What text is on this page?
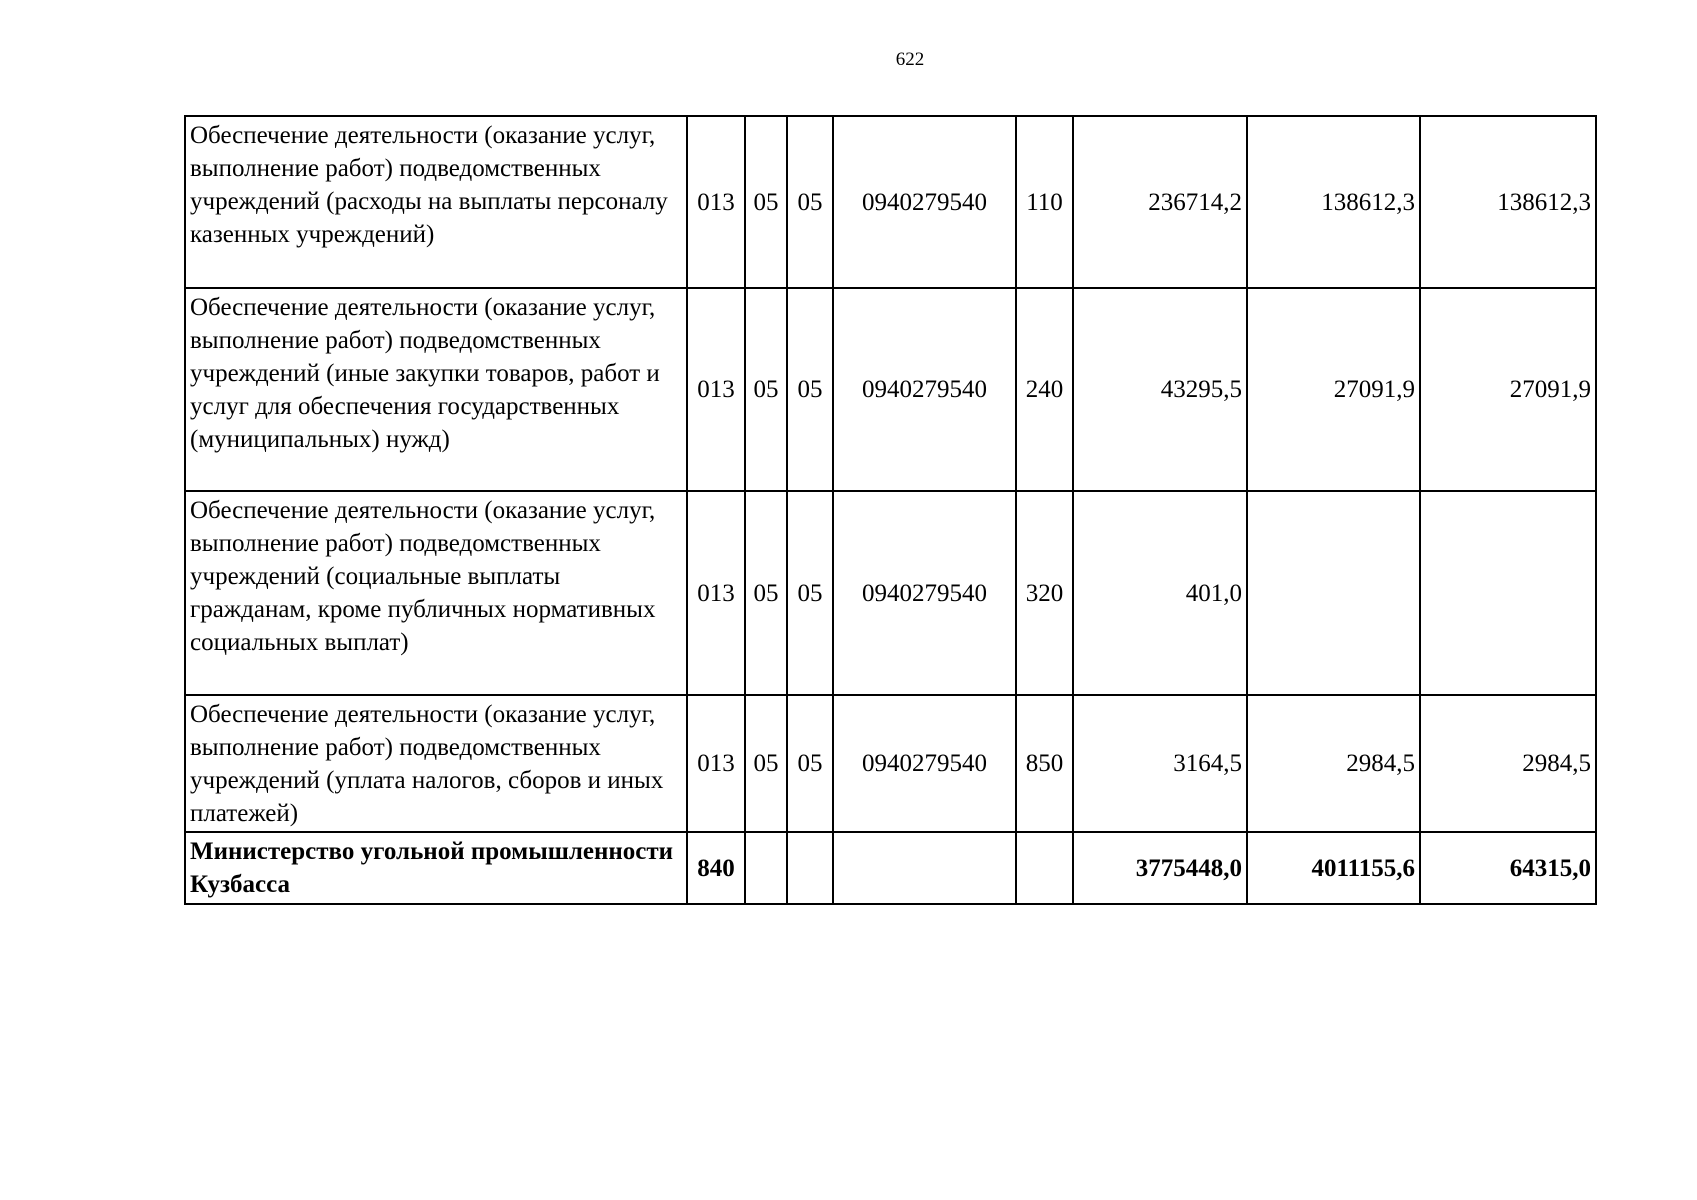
622
Обеспечение деятельности (оказание услуг, выполнение работ) подведомственных учреждений (расходы на выплаты персоналу казенных учреждений)	013	05	05	0940279540	110	236714,2	138612,3	138612,3
Обеспечение деятельности (оказание услуг, выполнение работ) подведомственных учреждений (иные закупки товаров, работ и услуг для обеспечения государственных (муниципальных) нужд)	013	05	05	0940279540	240	43295,5	27091,9	27091,9
Обеспечение деятельности (оказание услуг, выполнение работ) подведомственных учреждений (социальные выплаты гражданам, кроме публичных нормативных социальных выплат)	013	05	05	0940279540	320	401,0		
Обеспечение деятельности (оказание услуг, выполнение работ) подведомственных учреждений (уплата налогов, сборов и иных платежей)	013	05	05	0940279540	850	3164,5	2984,5	2984,5
Министерство угольной промышленности Кузбасса	840					3775448,0	4011155,6	64315,0
